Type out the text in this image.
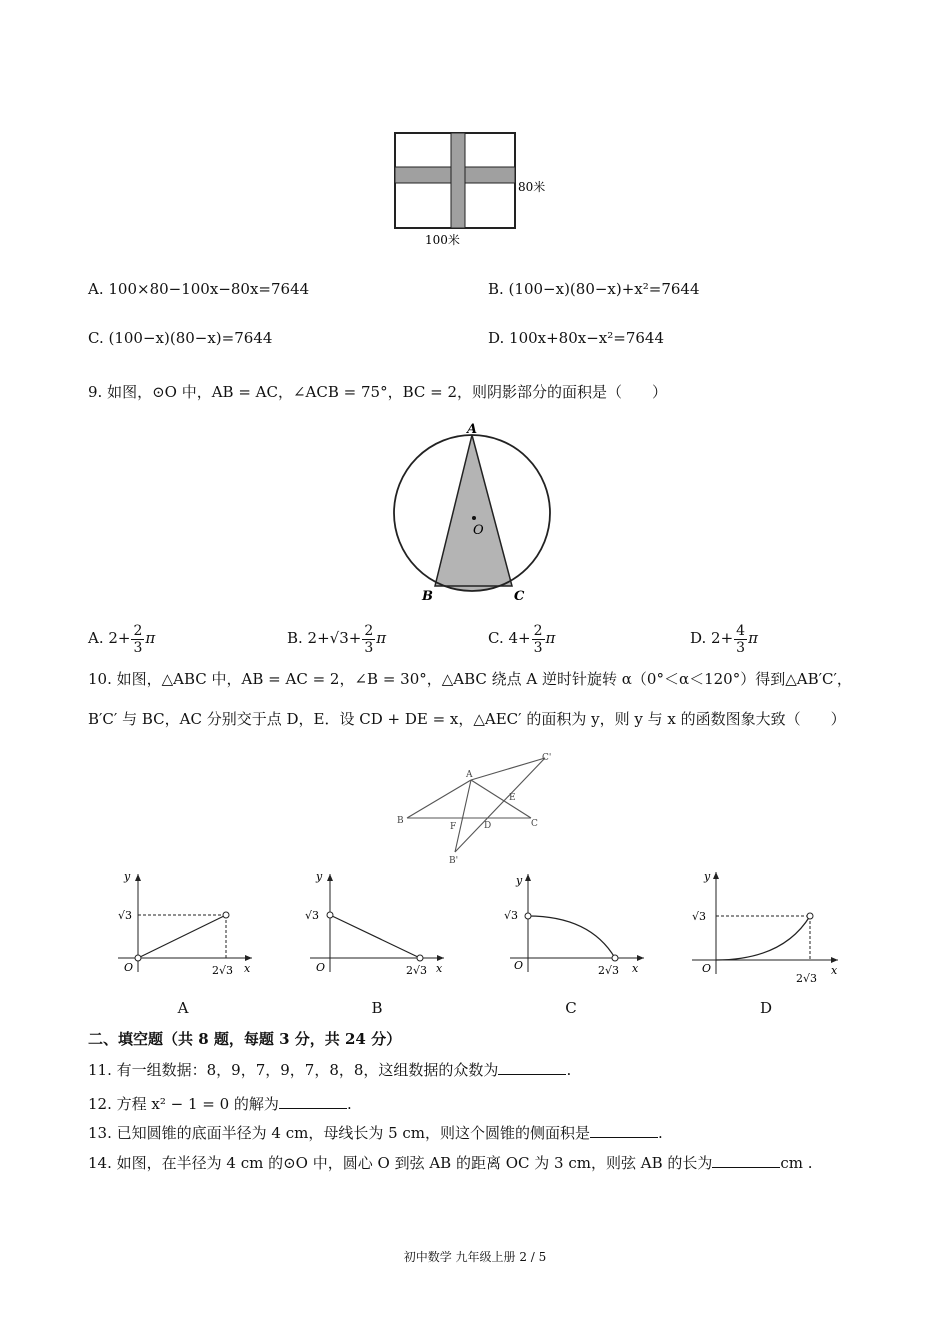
80米
100米
A. 100×80−100x−80x=7644	B. (100−x)(80−x)+x²=7644
C. (100−x)(80−x)=7644	D. 100x+80x−x²=7644
9. 如图，⊙O 中，AB = AC，∠ACB = 75°，BC = 2，则阴影部分的面积是（　　）
A
O
B	C
A. $2+ \frac{2}{3}$ π	B. $2+√3+ \frac{2}{3}$ π	C. $4+ \frac{2}{3}$ π	D. $2+ \frac{4}{3}$ π
10. 如图，△ABC 中，AB = AC = 2，∠B = 30°，△ABC 绕点 A 逆时针旋转 α（0°＜α＜120°）得到△AB′C′，
B′C′ 与 BC，AC 分别交于点 D，E．设 CD + DE = x，△AEC′ 的面积为 y，则 y 与 x 的函数图象大致（　　）
A
C'
B	C
E
F	D
B'
y
x
O
√3
2√3
y
x
O
√3
2√3
y
x
O
√3
2√3
y
x
O
√3
2√3
A	B	C	D
二、填空题（共 8 题，每题 3 分，共 24 分）
11. 有一组数据：8，9，7，9，7，8，8，这组数据的众数为	.
12. 方程 x² − 1 = 0 的解为	.
13. 已知圆锥的底面半径为 4 cm，母线长为 5 cm，则这个圆锥的侧面积是	.
14. 如图，在半径为 4 cm 的⊙O 中，圆心 O 到弦 AB 的距离 OC 为 3 cm，则弦 AB 的长为	cm .
初中数学 九年级上册 2 / 5
